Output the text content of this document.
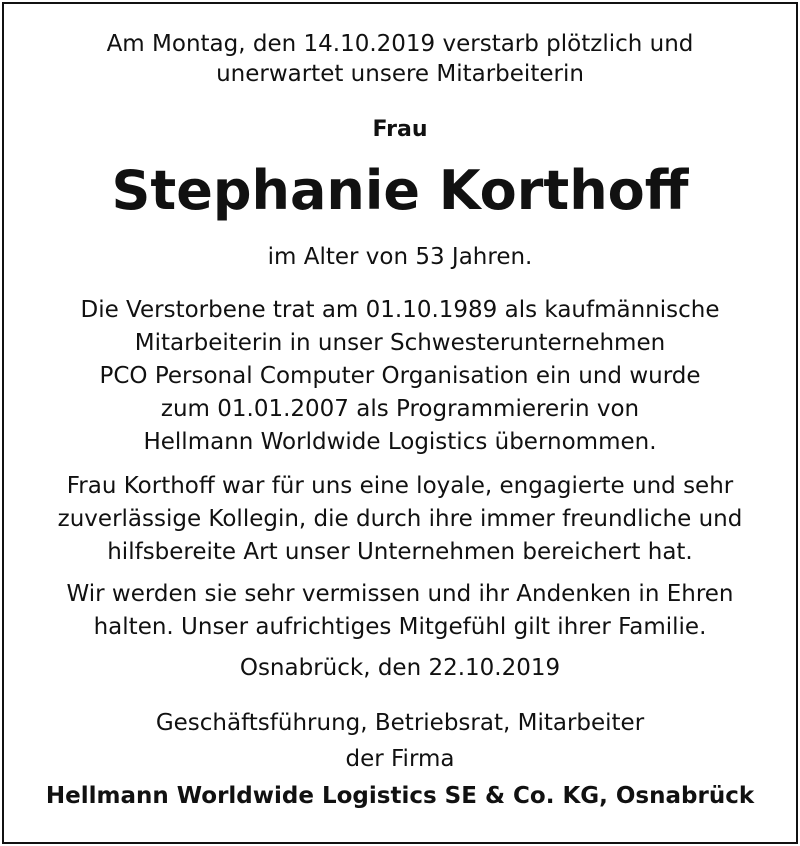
Am Montag, den 14.10.2019 verstarb plötzlich und
unerwartet unsere Mitarbeiterin
Frau
Stephanie Korthoff
im Alter von 53 Jahren.
Die Verstorbene trat am 01.10.1989 als kaufmännische
Mitarbeiterin in unser Schwesterunternehmen
PCO Personal Computer Organisation ein und wurde
zum 01.01.2007 als Programmiererin von
Hellmann Worldwide Logistics übernommen.
Frau Korthoff war für uns eine loyale, engagierte und sehr
zuverlässige Kollegin, die durch ihre immer freundliche und
hilfsbereite Art unser Unternehmen bereichert hat.
Wir werden sie sehr vermissen und ihr Andenken in Ehren
halten. Unser aufrichtiges Mitgefühl gilt ihrer Familie.
Osnabrück, den 22.10.2019
Geschäftsführung, Betriebsrat, Mitarbeiter
der Firma
Hellmann Worldwide Logistics SE & Co. KG, Osnabrück
